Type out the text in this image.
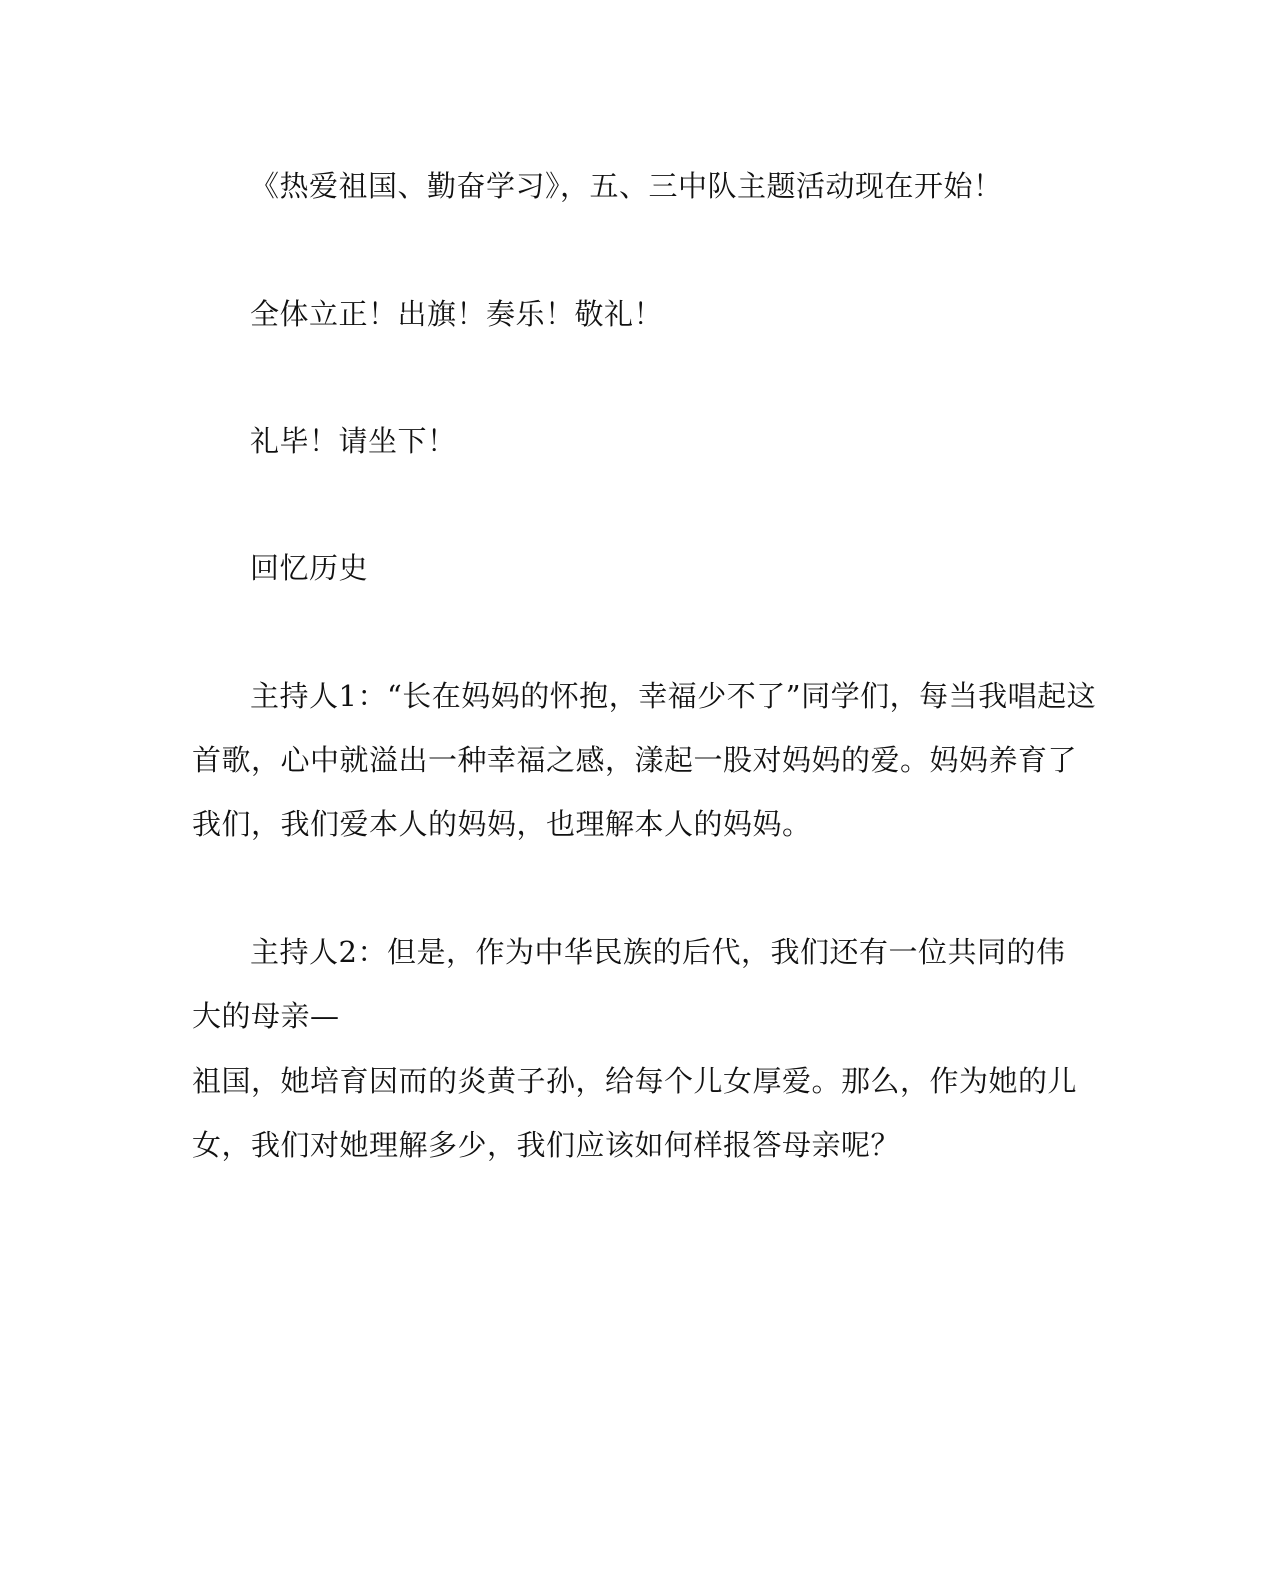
《热爱祖国、勤奋学习》，五、三中队主题活动现在开始！
全体立正！出旗！奏乐！敬礼！
礼毕！请坐下！
回忆历史
主持人1：“长在妈妈的怀抱，幸福少不了”同学们，每当我唱起这
首歌，心中就溢出一种幸福之感，漾起一股对妈妈的爱。妈妈养育了
我们，我们爱本人的妈妈，也理解本人的妈妈。
主持人2：但是，作为中华民族的后代，我们还有一位共同的伟
大的母亲—
祖国，她培育因而的炎黄子孙，给每个儿女厚爱。那么，作为她的儿
女，我们对她理解多少，我们应该如何样报答母亲呢？
